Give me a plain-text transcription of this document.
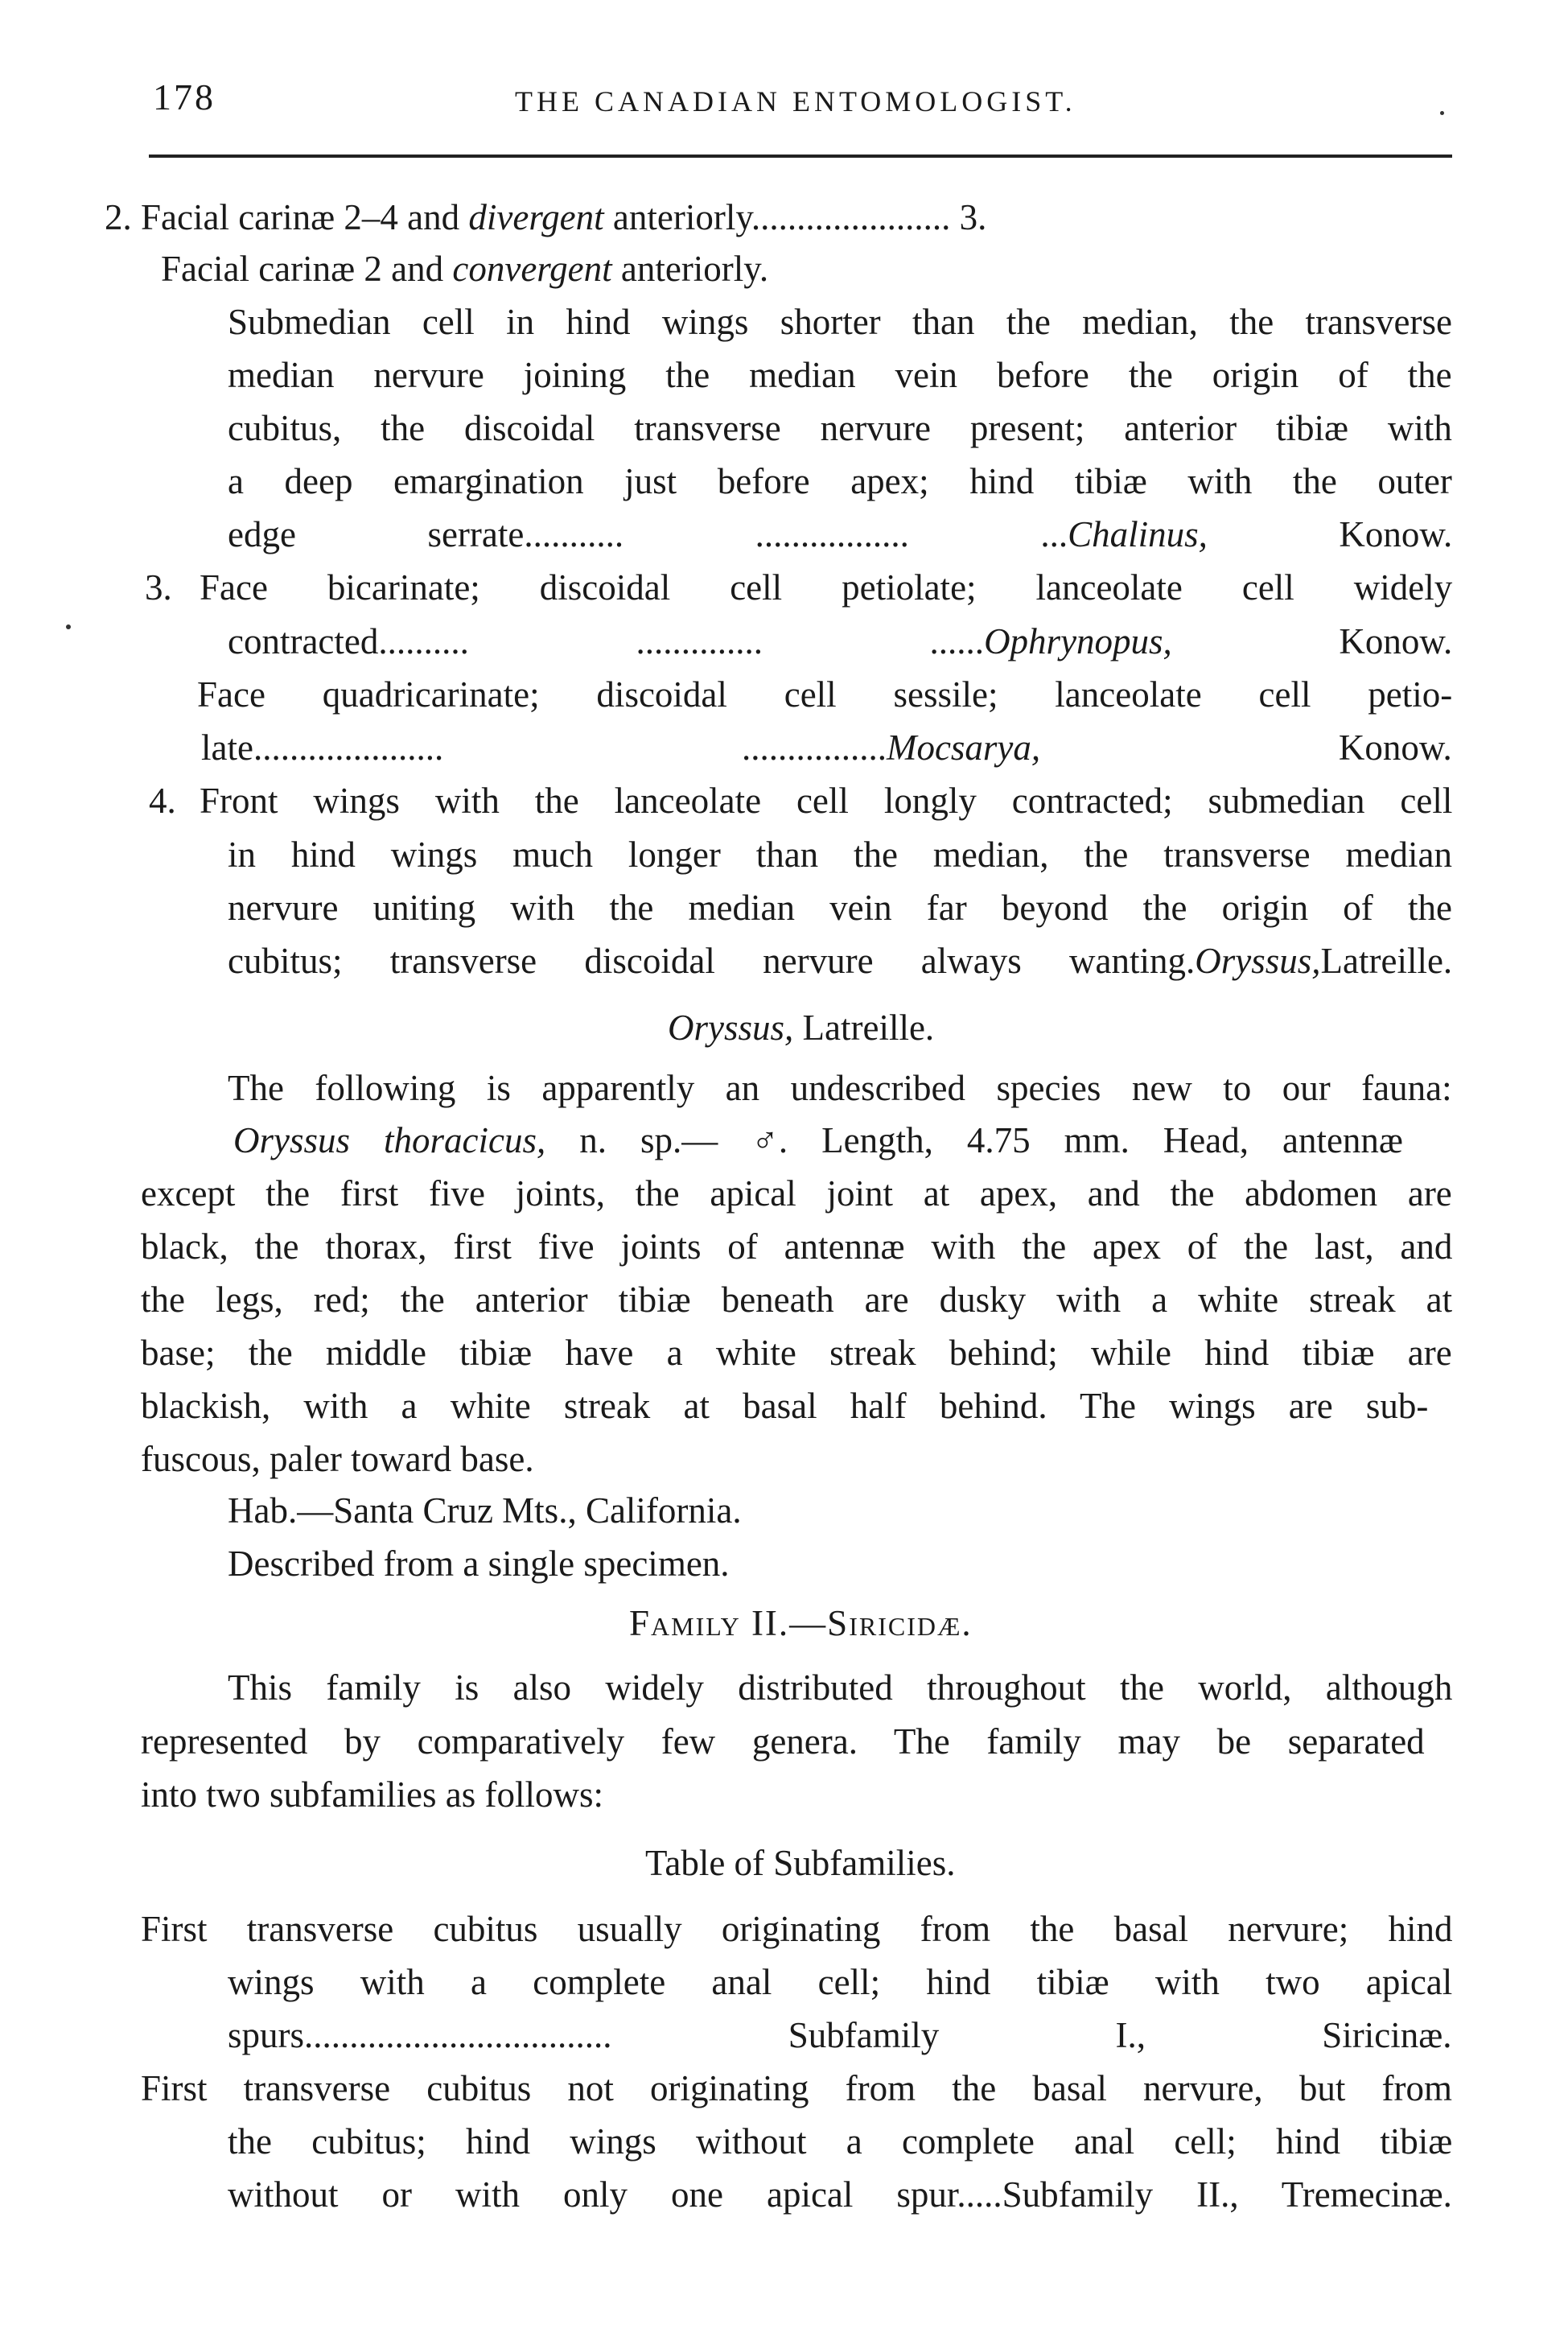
178	THE CANADIAN ENTOMOLOGIST.
2. Facial carinæ 2–4 and divergent anteriorly...................... 3.
Facial carinæ 2 and convergent anteriorly.
Submedian cell in hind wings shorter than the median, the transverse
median nervure joining the median vein before the origin of the
cubitus, the discoidal transverse nervure present; anterior tibiæ with
a deep emargination just before apex; hind tibiæ with the outer
edge serrate........... ................. ...Chalinus, Konow.
3. Face bicarinate; discoidal cell petiolate; lanceolate cell widely
contracted.......... .............. ......Ophrynopus, Konow.
Face quadricarinate; discoidal cell sessile; lanceolate cell petio-
late..................... ................Mocsarya, Konow.
4. Front wings with the lanceolate cell longly contracted; submedian cell
in hind wings much longer than the median, the transverse median
nervure uniting with the median vein far beyond the origin of the
cubitus; transverse discoidal nervure always wanting.Oryssus,Latreille.
The following is apparently an undescribed species new to our fauna:
Oryssus thoracicus, n. sp.— ♂. Length, 4.75 mm. Head, antennæ
except the first five joints, the apical joint at apex, and the abdomen are
black, the thorax, first five joints of antennæ with the apex of the last, and
the legs, red; the anterior tibiæ beneath are dusky with a white streak at
base; the middle tibiæ have a white streak behind; while hind tibiæ are
blackish, with a white streak at basal half behind. The wings are sub-
fuscous, paler toward base.
Hab.—Santa Cruz Mts., California.
Described from a single specimen.
This family is also widely distributed throughout the world, although
represented by comparatively few genera. The family may be separated
into two subfamilies as follows:
First transverse cubitus usually originating from the basal nervure; hind
wings with a complete anal cell; hind tibiæ with two apical
spurs.................................. Subfamily I., Siricinæ.
First transverse cubitus not originating from the basal nervure, but from
the cubitus; hind wings without a complete anal cell; hind tibiæ
without or with only one apical spur.....Subfamily II., Tremecinæ.
Oryssus, Latreille.
Family II.—Siricidæ.
Table of Subfamilies.
